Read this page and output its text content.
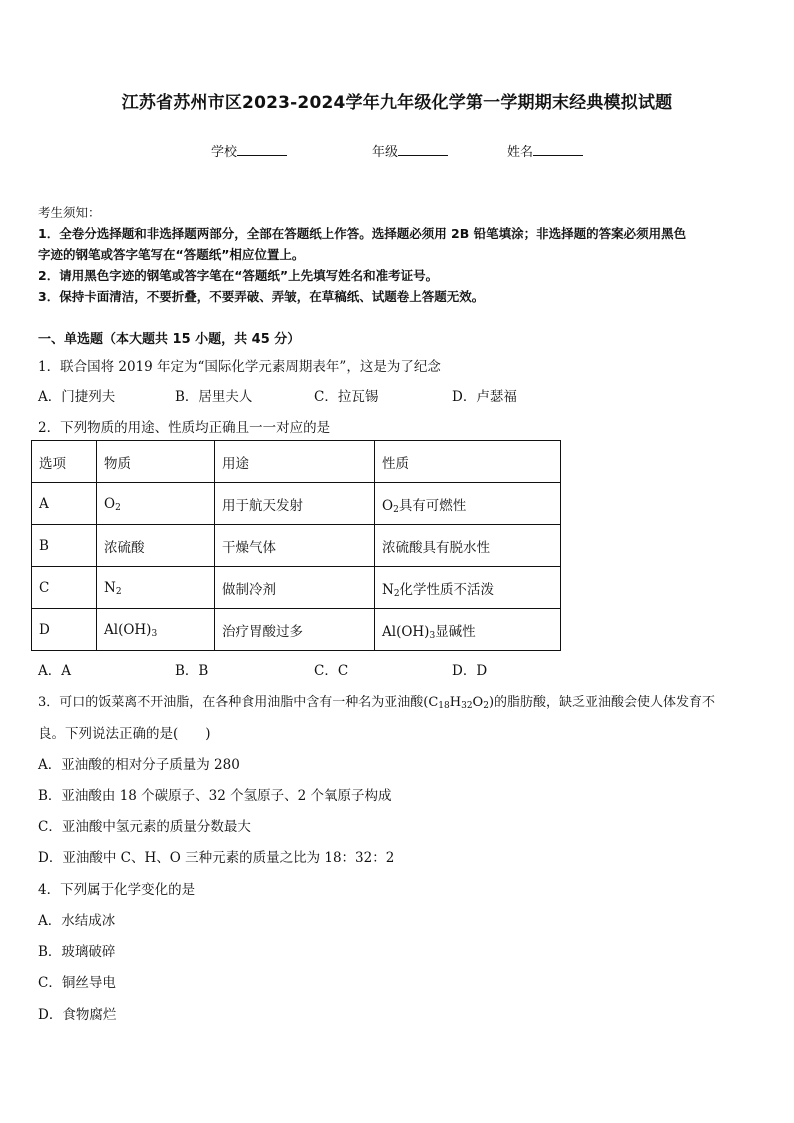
江苏省苏州市区2023-2024学年九年级化学第一学期期末经典模拟试题
学校	年级	姓名
考生须知：
1．全卷分选择题和非选择题两部分，全部在答题纸上作答。选择题必须用 2B 铅笔填涂；非选择题的答案必须用黑色
字迹的钢笔或答字笔写在“答题纸”相应位置上。
2．请用黑色字迹的钢笔或答字笔在“答题纸”上先填写姓名和准考证号。
3．保持卡面清洁，不要折叠，不要弄破、弄皱，在草稿纸、试题卷上答题无效。
一、单选题（本大题共 15 小题，共 45 分）
1．联合国将 2019 年定为“国际化学元素周期表年”，这是为了纪念
A．门捷列夫	B．居里夫人	C．拉瓦锡	D．卢瑟福
2．下列物质的用途、性质均正确且一一对应的是
选项	物质	用途	性质
A	$O_2$	用于航天发射	$O_2$具有可燃性
B	浓硫酸	干燥气体	浓硫酸具有脱水性
C	$N_2$	做制冷剂	$N_2$化学性质不活泼
D	$Al(OH)_3$	治疗胃酸过多	$Al(OH)_3$显碱性
A．A	B．B	C．C	D．D
3．可口的饭菜离不开油脂，在各种食用油脂中含有一种名为亚油酸$(C_{18}H_{32}O_2)$的脂肪酸，缺乏亚油酸会使人体发育不
良。下列说法正确的是(　　)
A．亚油酸的相对分子质量为 280
B．亚油酸由 18 个碳原子、32 个氢原子、2 个氧原子构成
C．亚油酸中氢元素的质量分数最大
D．亚油酸中 C、H、O 三种元素的质量之比为 18：32：2
4．下列属于化学变化的是
A．水结成冰
B．玻璃破碎
C．铜丝导电
D．食物腐烂
